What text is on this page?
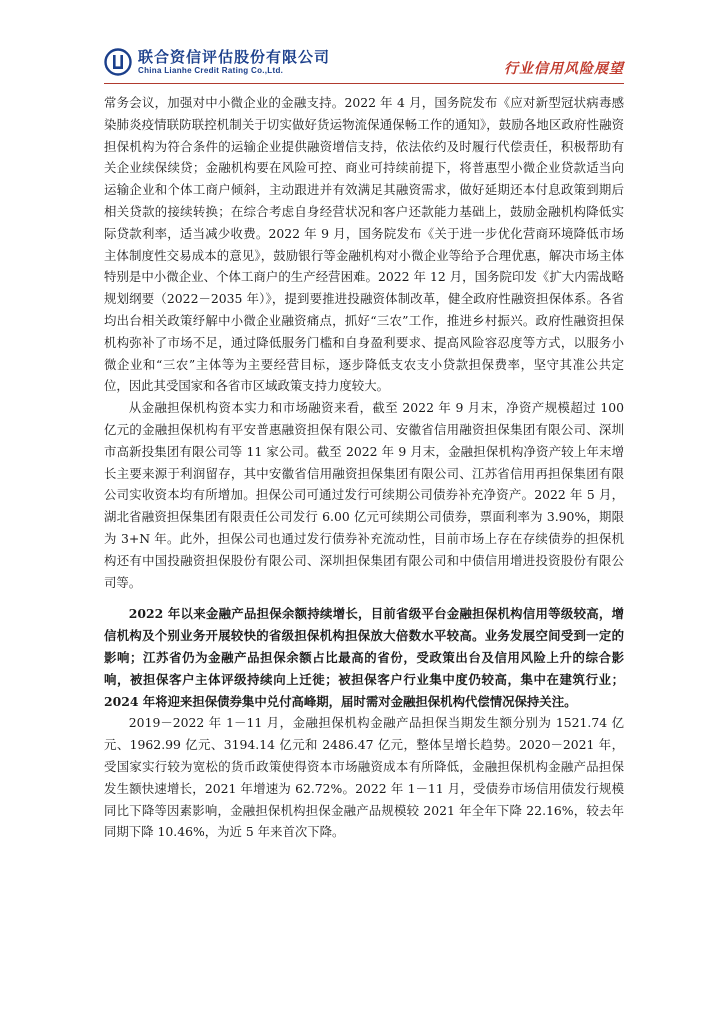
联合资信评估股份有限公司
China Lianhe Credit Rating Co.,Ltd.	行业信用风险展望

常务会议，加强对中小微企业的金融支持。2022 年 4 月，国务院发布《应对新型冠状病毒感染肺炎疫情联防联控机制关于切实做好货运物流保通保畅工作的通知》，鼓励各地区政府性融资担保机构为符合条件的运输企业提供融资增信支持，依法依约及时履行代偿责任，积极帮助有关企业续保续贷；金融机构要在风险可控、商业可持续前提下，将普惠型小微企业贷款适当向运输企业和个体工商户倾斜，主动跟进并有效满足其融资需求，做好延期还本付息政策到期后相关贷款的接续转换；在综合考虑自身经营状况和客户还款能力基础上，鼓励金融机构降低实际贷款利率，适当减少收费。2022 年 9 月，国务院发布《关于进一步优化营商环境降低市场主体制度性交易成本的意见》，鼓励银行等金融机构对小微企业等给予合理优惠，解决市场主体特别是中小微企业、个体工商户的生产经营困难。2022 年 12 月，国务院印发《扩大内需战略规划纲要（2022－2035 年）》，提到要推进投融资体制改革，健全政府性融资担保体系。各省均出台相关政策纾解中小微企业融资痛点，抓好“三农”工作，推进乡村振兴。政府性融资担保机构弥补了市场不足，通过降低服务门槛和自身盈利要求、提高风险容忍度等方式，以服务小微企业和“三农”主体等为主要经营目标，逐步降低支农支小贷款担保费率，坚守其准公共定位，因此其受国家和各省市区域政策支持力度较大。

从金融担保机构资本实力和市场融资来看，截至 2022 年 9 月末，净资产规模超过 100 亿元的金融担保机构有平安普惠融资担保有限公司、安徽省信用融资担保集团有限公司、深圳市高新投集团有限公司等 11 家公司。截至 2022 年 9 月末，金融担保机构净资产较上年末增长主要来源于利润留存，其中安徽省信用融资担保集团有限公司、江苏省信用再担保集团有限公司实收资本均有所增加。担保公司可通过发行可续期公司债券补充净资产。2022 年 5 月，湖北省融资担保集团有限责任公司发行 6.00 亿元可续期公司债券，票面利率为 3.90%，期限为 3+N 年。此外，担保公司也通过发行债券补充流动性，目前市场上存在存续债券的担保机构还有中国投融资担保股份有限公司、深圳担保集团有限公司和中债信用增进投资股份有限公司等。

2022 年以来金融产品担保余额持续增长，目前省级平台金融担保机构信用等级较高，增信机构及个别业务开展较快的省级担保机构担保放大倍数水平较高。业务发展空间受到一定的影响；江苏省仍为金融产品担保余额占比最高的省份，受政策出台及信用风险上升的综合影响，被担保客户主体评级持续向上迁徙；被担保客户行业集中度仍较高，集中在建筑行业；2024 年将迎来担保债券集中兑付高峰期，届时需对金融担保机构代偿情况保持关注。

2019－2022 年 1－11 月，金融担保机构金融产品担保当期发生额分别为 1521.74 亿元、1962.99 亿元、3194.14 亿元和 2486.47 亿元，整体呈增长趋势。2020－2021 年，受国家实行较为宽松的货币政策使得资本市场融资成本有所降低，金融担保机构金融产品担保发生额快速增长，2021 年增速为 62.72%。2022 年 1－11 月，受债券市场信用债发行规模同比下降等因素影响，金融担保机构担保金融产品规模较 2021 年全年下降 22.16%，较去年同期下降 10.46%，为近 5 年来首次下降。
